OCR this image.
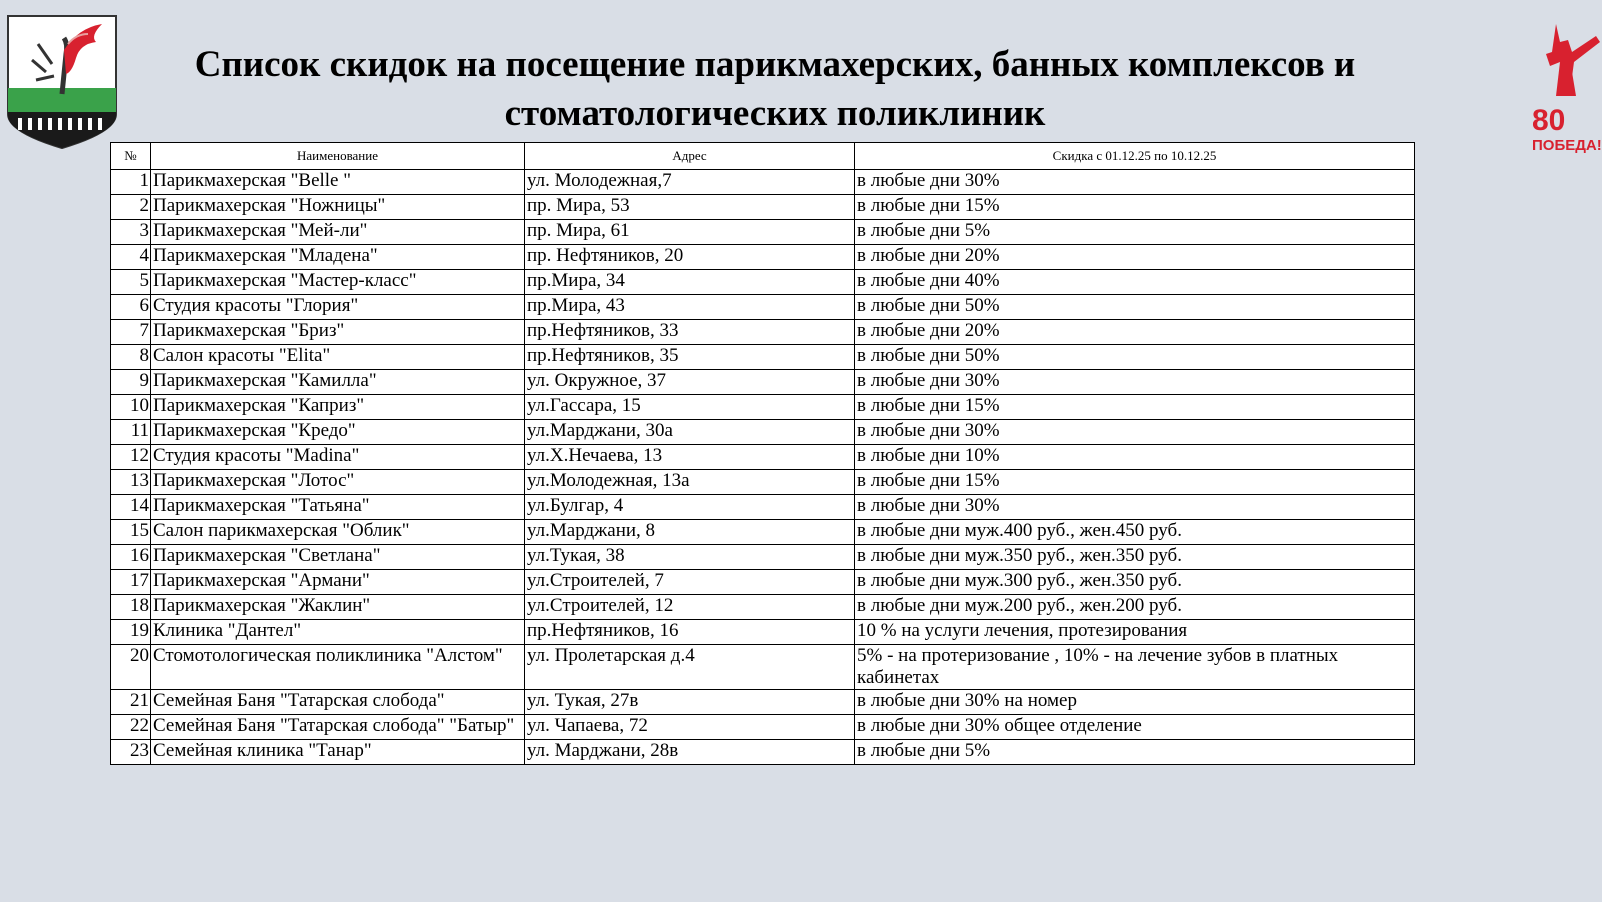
Список скидок на посещение парикмахерских, банных комплексов и стоматологических поликлиник	80
ПОБЕДА!
№	Наименование	Адрес	Скидка с 01.12.25 по 10.12.25
1	Парикмахерская "Belle "	ул. Молодежная,7	в любые дни 30%
2	Парикмахерская "Ножницы"	пр. Мира, 53	в любые дни 15%
3	Парикмахерская "Мей-ли"	пр. Мира, 61	в любые дни 5%
4	Парикмахерская "Младена"	пр. Нефтяников, 20	в любые дни 20%
5	Парикмахерская "Мастер-класс"	пр.Мира, 34	в любые дни 40%
6	Студия красоты "Глория"	пр.Мира, 43	в любые дни 50%
7	Парикмахерская "Бриз"	пр.Нефтяников, 33	в любые дни 20%
8	Салон красоты "Elita"	пр.Нефтяников, 35	в любые дни 50%
9	Парикмахерская "Камилла"	ул. Окружное, 37	в любые дни 30%
10	Парикмахерская "Каприз"	ул.Гассара, 15	в любые дни 15%
11	Парикмахерская "Кредо"	ул.Марджани, 30а	в любые дни 30%
12	Студия красоты "Madina"	ул.Х.Нечаева, 13	в любые дни 10%
13	Парикмахерская "Лотос"	ул.Молодежная, 13а	в любые дни 15%
14	Парикмахерская "Татьяна"	ул.Булгар, 4	в любые дни 30%
15	Салон парикмахерская "Облик"	ул.Марджани, 8	в любые дни муж.400 руб., жен.450 руб.
16	Парикмахерская "Светлана"	ул.Тукая, 38	в любые дни муж.350 руб., жен.350 руб.
17	Парикмахерская "Армани"	ул.Строителей, 7	в любые дни муж.300 руб., жен.350 руб.
18	Парикмахерская "Жаклин"	ул.Строителей, 12	в любые дни муж.200 руб., жен.200 руб.
19	Клиника "Дантел"	пр.Нефтяников, 16	10 % на услуги лечения, протезирования
20	Стомотологическая поликлиника "Алстом"	ул. Пролетарская д.4	5% - на протеризование , 10% - на лечение зубов в платных кабинетах
21	Семейная Баня "Татарская слобода"	ул. Тукая, 27в	в любые дни 30% на номер
22	Семейная Баня "Татарская слобода" "Батыр"	ул. Чапаева, 72	в любые дни 30% общее отделение
23	Семейная клиника "Танар"	ул. Марджани, 28в	в любые дни 5%
